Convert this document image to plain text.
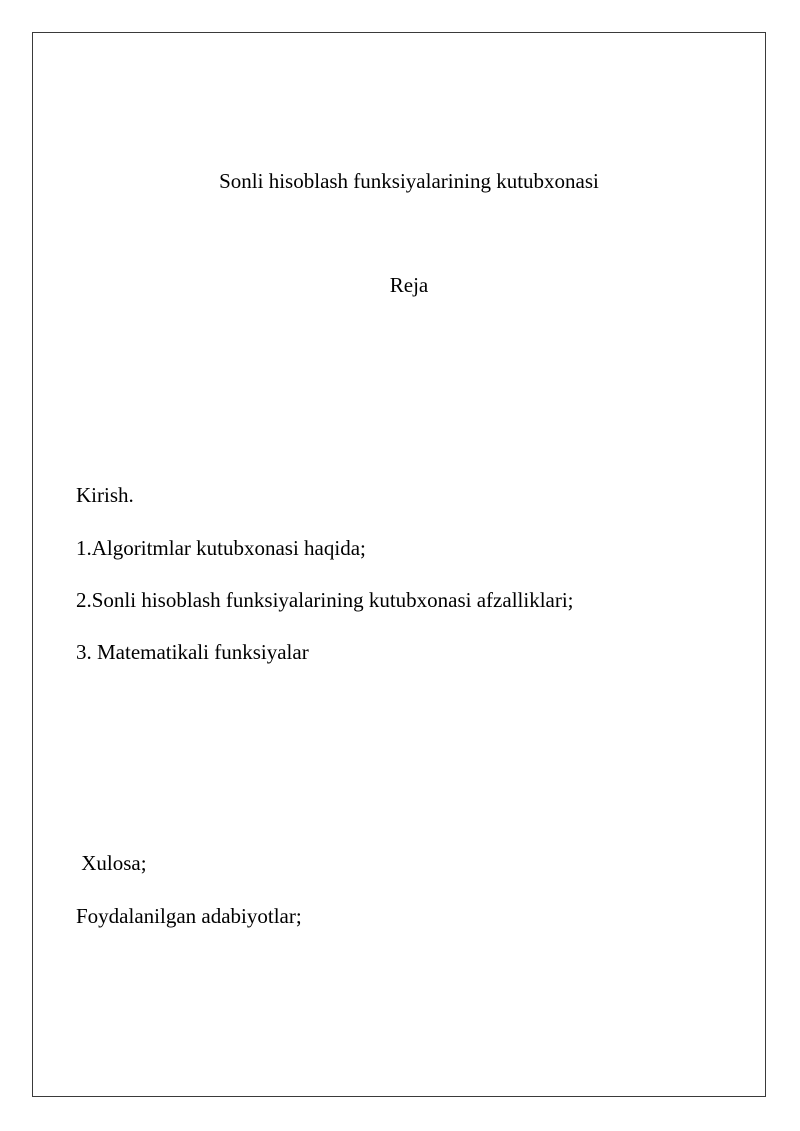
Sonli hisoblash funksiyalarining kutubxonasi

Reja

Kirish.

1.Algoritmlar kutubxonasi haqida;

2.Sonli hisoblash funksiyalarining kutubxonasi afzalliklari;

3. Matematikali funksiyalar

Xulosa;

Foydalanilgan adabiyotlar;
